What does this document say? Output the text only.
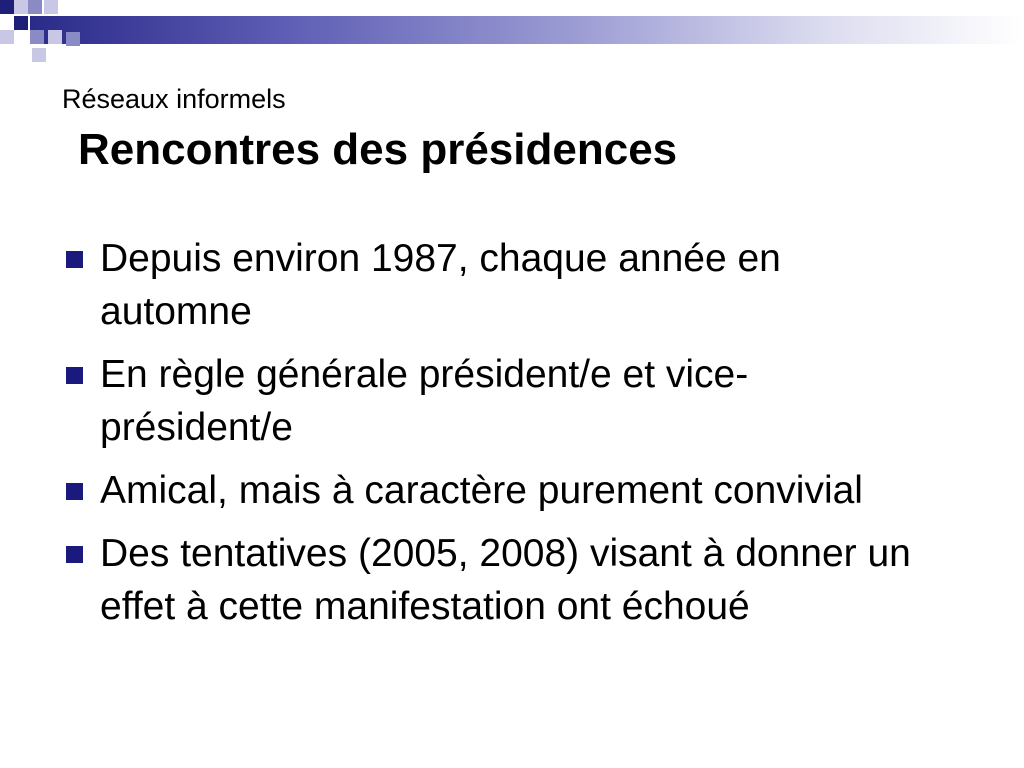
Réseaux informels
Rencontres des présidences
Depuis environ 1987, chaque année en automne
En règle générale président/e et vice-président/e
Amical, mais à caractère purement convivial
Des tentatives (2005, 2008) visant à donner un effet à cette manifestation ont échoué
